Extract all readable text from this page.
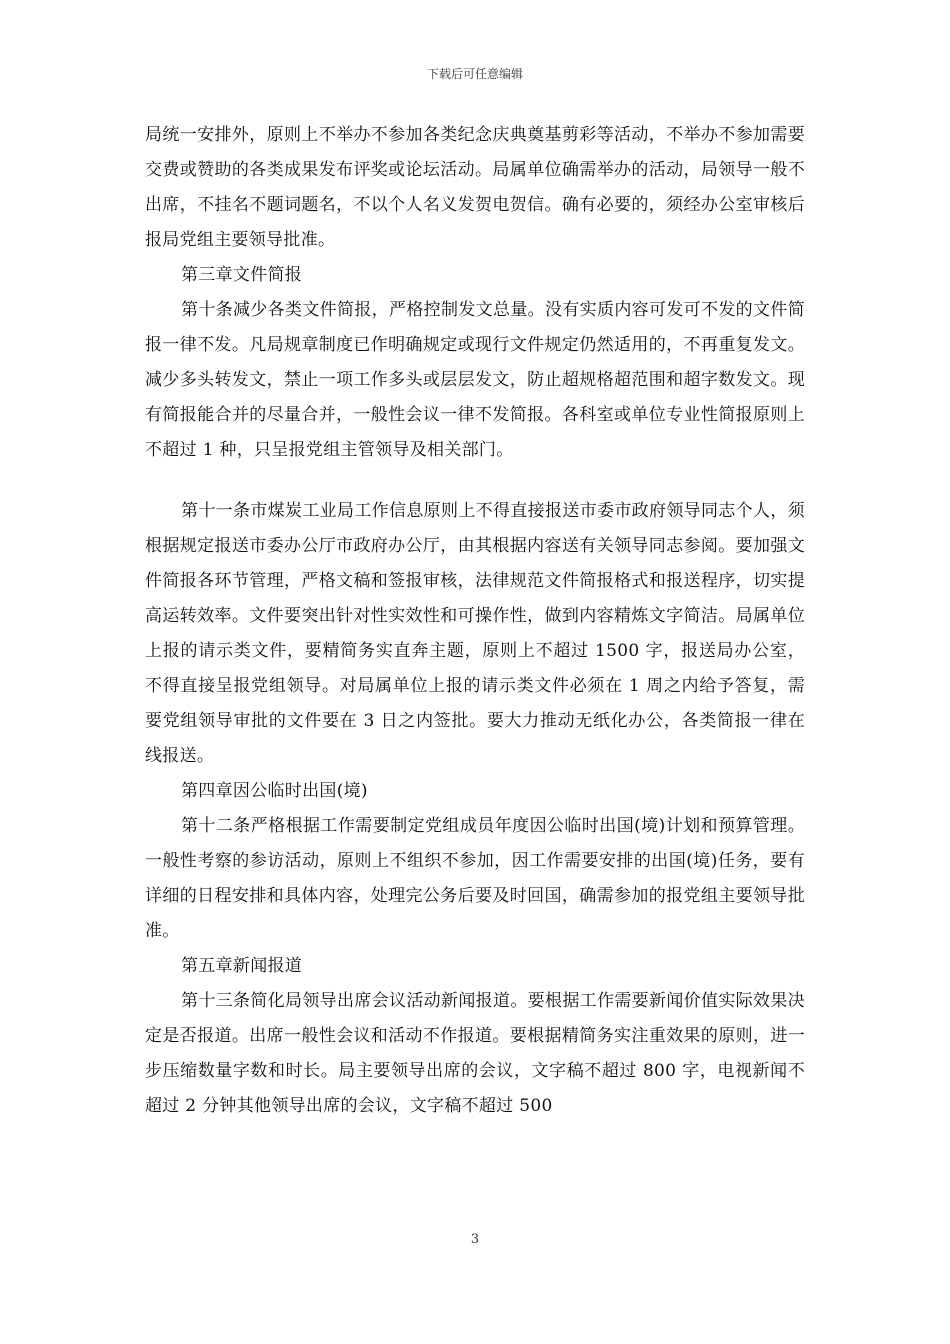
下载后可任意编辑

局统一安排外，原则上不举办不参加各类纪念庆典奠基剪彩等活动，不举办不参加需要交费或赞助的各类成果发布评奖或论坛活动。局属单位确需举办的活动，局领导一般不出席，不挂名不题词题名，不以个人名义发贺电贺信。确有必要的，须经办公室审核后报局党组主要领导批准。

第三章文件简报

第十条减少各类文件简报，严格控制发文总量。没有实质内容可发可不发的文件简报一律不发。凡局规章制度已作明确规定或现行文件规定仍然适用的，不再重复发文。减少多头转发文，禁止一项工作多头或层层发文，防止超规格超范围和超字数发文。现有简报能合并的尽量合并，一般性会议一律不发简报。各科室或单位专业性简报原则上不超过 1 种，只呈报党组主管领导及相关部门。

第十一条市煤炭工业局工作信息原则上不得直接报送市委市政府领导同志个人，须根据规定报送市委办公厅市政府办公厅，由其根据内容送有关领导同志参阅。要加强文件简报各环节管理，严格文稿和签报审核，法律规范文件简报格式和报送程序，切实提高运转效率。文件要突出针对性实效性和可操作性，做到内容精炼文字简洁。局属单位上报的请示类文件，要精简务实直奔主题，原则上不超过 1500 字，报送局办公室，不得直接呈报党组领导。对局属单位上报的请示类文件必须在 1 周之内给予答复，需要党组领导审批的文件要在 3 日之内签批。要大力推动无纸化办公，各类简报一律在线报送。

第四章因公临时出国(境)

第十二条严格根据工作需要制定党组成员年度因公临时出国(境)计划和预算管理。一般性考察的参访活动，原则上不组织不参加，因工作需要安排的出国(境)任务，要有详细的日程安排和具体内容，处理完公务后要及时回国，确需参加的报党组主要领导批准。

第五章新闻报道

第十三条简化局领导出席会议活动新闻报道。要根据工作需要新闻价值实际效果决定是否报道。出席一般性会议和活动不作报道。要根据精简务实注重效果的原则，进一步压缩数量字数和时长。局主要领导出席的会议，文字稿不超过 800 字，电视新闻不超过 2 分钟其他领导出席的会议，文字稿不超过 500

3
